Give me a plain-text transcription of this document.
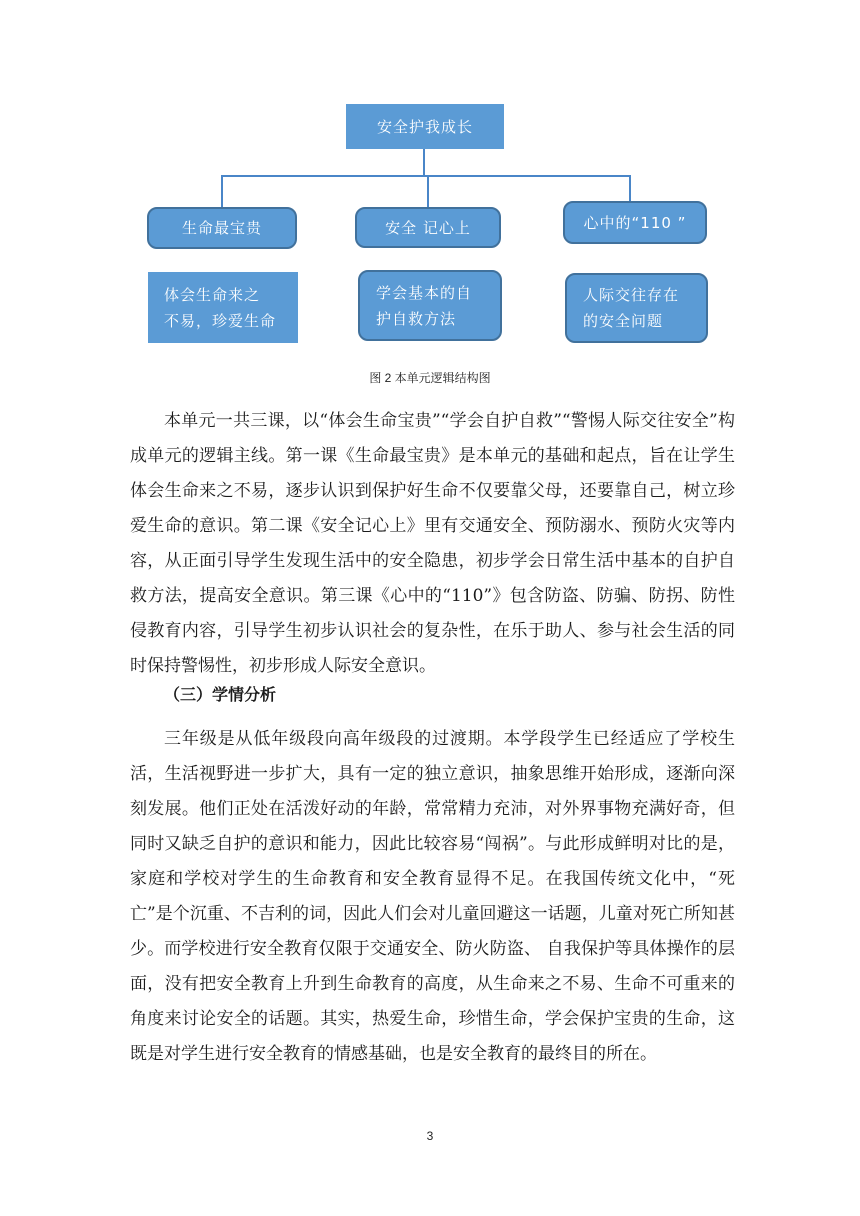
安全护我成长
生命最宝贵	安全 记心上	心中的“110 ”
体会生命来之
不易，珍爱生命
学会基本的自
护自救方法
人际交往存在
的安全问题
图 2 本单元逻辑结构图

本单元一共三课，以“体会生命宝贵”“学会自护自救”“警惕人际交往安全”构成单元的逻辑主线。第一课《生命最宝贵》是本单元的基础和起点，旨在让学生体会生命来之不易，逐步认识到保护好生命不仅要靠父母，还要靠自己，树立珍爱生命的意识。第二课《安全记心上》里有交通安全、预防溺水、预防火灾等内容，从正面引导学生发现生活中的安全隐患，初步学会日常生活中基本的自护自救方法，提高安全意识。第三课《心中的“110”》包含防盗、防骗、防拐、防性侵教育内容，引导学生初步认识社会的复杂性，在乐于助人、参与社会生活的同时保持警惕性，初步形成人际安全意识。

（三）学情分析

三年级是从低年级段向高年级段的过渡期。本学段学生已经适应了学校生活，生活视野进一步扩大，具有一定的独立意识，抽象思维开始形成，逐渐向深刻发展。他们正处在活泼好动的年龄，常常精力充沛，对外界事物充满好奇，但同时又缺乏自护的意识和能力，因此比较容易“闯祸”。与此形成鲜明对比的是，家庭和学校对学生的生命教育和安全教育显得不足。在我国传统文化中，“死亡”是个沉重、不吉利的词，因此人们会对儿童回避这一话题，儿童对死亡所知甚少。而学校进行安全教育仅限于交通安全、防火防盗、 自我保护等具体操作的层面，没有把安全教育上升到生命教育的高度，从生命来之不易、生命不可重来的角度来讨论安全的话题。其实，热爱生命，珍惜生命，学会保护宝贵的生命，这既是对学生进行安全教育的情感基础，也是安全教育的最终目的所在。

3
